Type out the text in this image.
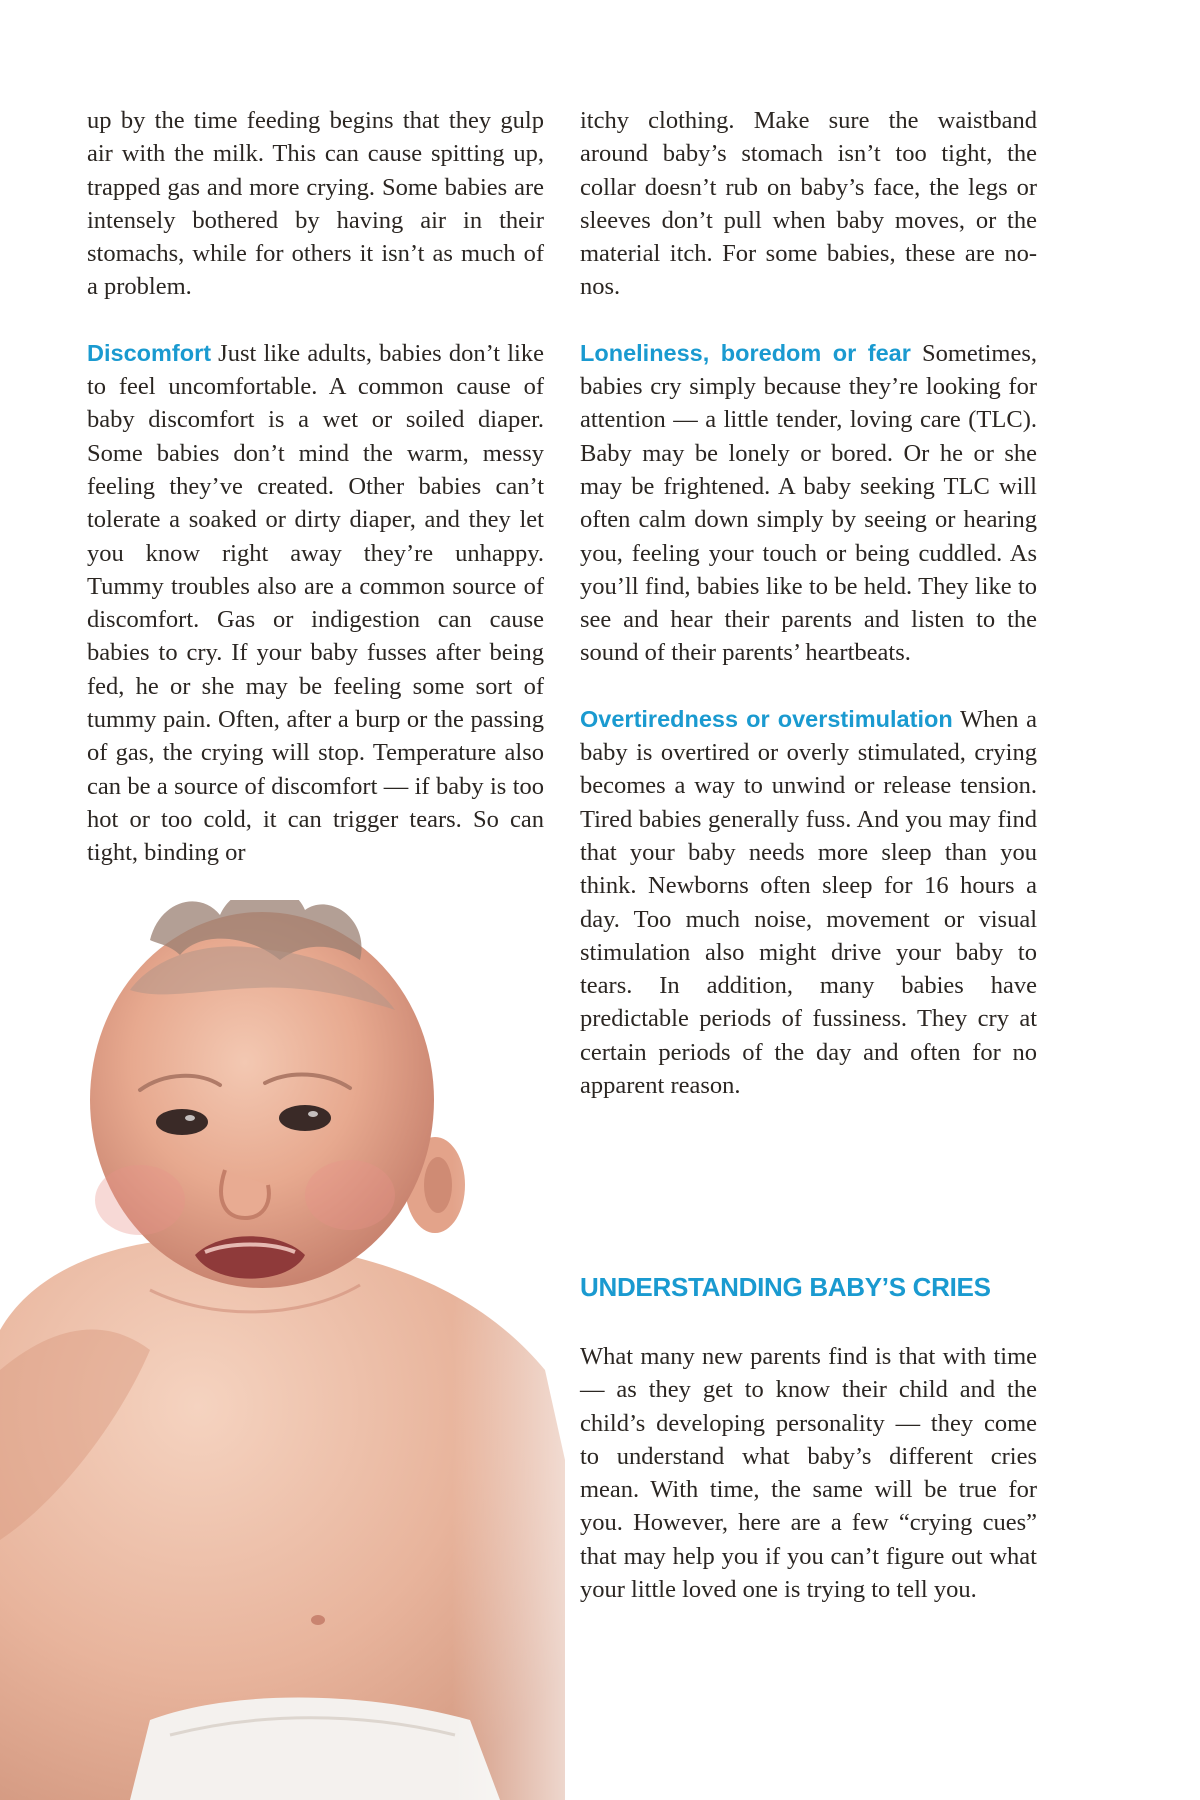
up by the time feeding begins that they gulp air with the milk. This can cause spitting up, trapped gas and more crying. Some babies are intensely bothered by having air in their stomachs, while for others it isn’t as much of a problem.

Discomfort Just like adults, babies don’t like to feel uncomfortable. A common cause of baby discomfort is a wet or soiled diaper. Some babies don’t mind the warm, messy feeling they’ve created. Other babies can’t tolerate a soaked or dirty diaper, and they let you know right away they’re unhappy. Tummy troubles also are a common source of discomfort. Gas or indigestion can cause babies to cry. If your baby fusses after being fed, he or she may be feeling some sort of tummy pain. Often, after a burp or the passing of gas, the crying will stop. Temperature also can be a source of discomfort — if baby is too hot or too cold, it can trigger tears. So can tight, binding or

itchy clothing. Make sure the waistband around baby’s stomach isn’t too tight, the collar doesn’t rub on baby’s face, the legs or sleeves don’t pull when baby moves, or the material itch. For some babies, these are no-nos.

Loneliness, boredom or fear Sometimes, babies cry simply because they’re looking for attention — a little tender, loving care (TLC). Baby may be lonely or bored. Or he or she may be frightened. A baby seeking TLC will often calm down simply by seeing or hearing you, feeling your touch or being cuddled. As you’ll find, babies like to be held. They like to see and hear their parents and listen to the sound of their parents’ heartbeats.

Overtiredness or overstimulation When a baby is overtired or overly stimulated, crying becomes a way to unwind or release tension. Tired babies generally fuss. And you may find that your baby needs more sleep than you think. Newborns often sleep for 16 hours a day. Too much noise, movement or visual stimulation also might drive your baby to tears. In addition, many babies have predictable periods of fussiness. They cry at certain periods of the day and often for no apparent reason.

UNDERSTANDING BABY’S CRIES

What many new parents find is that with time — as they get to know their child and the child’s developing personality — they come to understand what baby’s different cries mean. With time, the same will be true for you. However, here are a few “crying cues” that may help you if you can’t figure out what your little loved one is trying to tell you.
